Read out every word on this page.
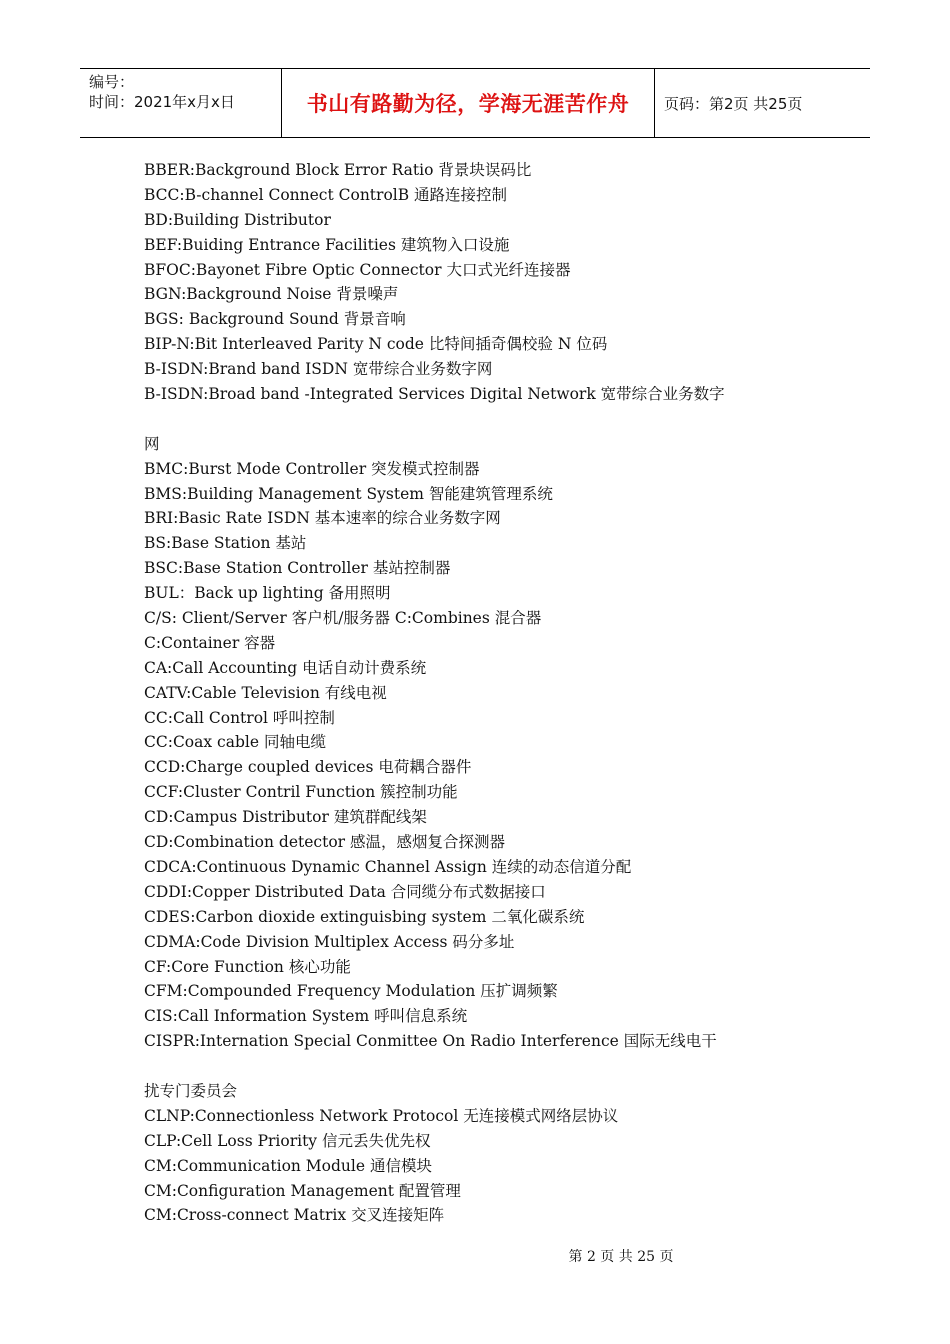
编号：
时间：2021年x月x日	书山有路勤为径，学海无涯苦作舟	页码：第2页 共25页
BBER:Background Block Error Ratio 背景块误码比
BCC:B-channel Connect ControlB 通路连接控制
BD:Building Distributor
BEF:Buiding Entrance Facilities 建筑物入口设施
BFOC:Bayonet Fibre Optic Connector 大口式光纤连接器
BGN:Background Noise 背景噪声
BGS: Background Sound 背景音响
BIP-N:Bit Interleaved Parity N code 比特间插奇偶校验 N 位码
B-ISDN:Brand band ISDN 宽带综合业务数字网
B-ISDN:Broad band -Integrated Services Digital Network 宽带综合业务数字
网
BMC:Burst Mode Controller 突发模式控制器
BMS:Building Management System 智能建筑管理系统
BRI:Basic Rate ISDN 基本速率的综合业务数字网
BS:Base Station 基站
BSC:Base Station Controller 基站控制器
BUL：Back up lighting 备用照明
C/S: Client/Server 客户机/服务器 C:Combines 混合器
C:Container 容器
CA:Call Accounting 电话自动计费系统
CATV:Cable Television 有线电视
CC:Call Control 呼叫控制
CC:Coax cable 同轴电缆
CCD:Charge coupled devices 电荷耦合器件
CCF:Cluster Contril Function 簇控制功能
CD:Campus Distributor 建筑群配线架
CD:Combination detector 感温，感烟复合探测器
CDCA:Continuous Dynamic Channel Assign 连续的动态信道分配
CDDI:Copper Distributed Data 合同缆分布式数据接口
CDES:Carbon dioxide extinguisbing system 二氧化碳系统
CDMA:Code Division Multiplex Access 码分多址
CF:Core Function 核心功能
CFM:Compounded Frequency Modulation 压扩调频繁
CIS:Call Information System 呼叫信息系统
CISPR:Internation Special Conmittee On Radio Interference 国际无线电干
扰专门委员会
CLNP:Connectionless Network Protocol 无连接模式网络层协议
CLP:Cell Loss Priority 信元丢失优先权
CM:Communication Module 通信模块
CM:Configuration Management 配置管理
CM:Cross-connect Matrix 交叉连接矩阵
第 2 页 共 25 页
